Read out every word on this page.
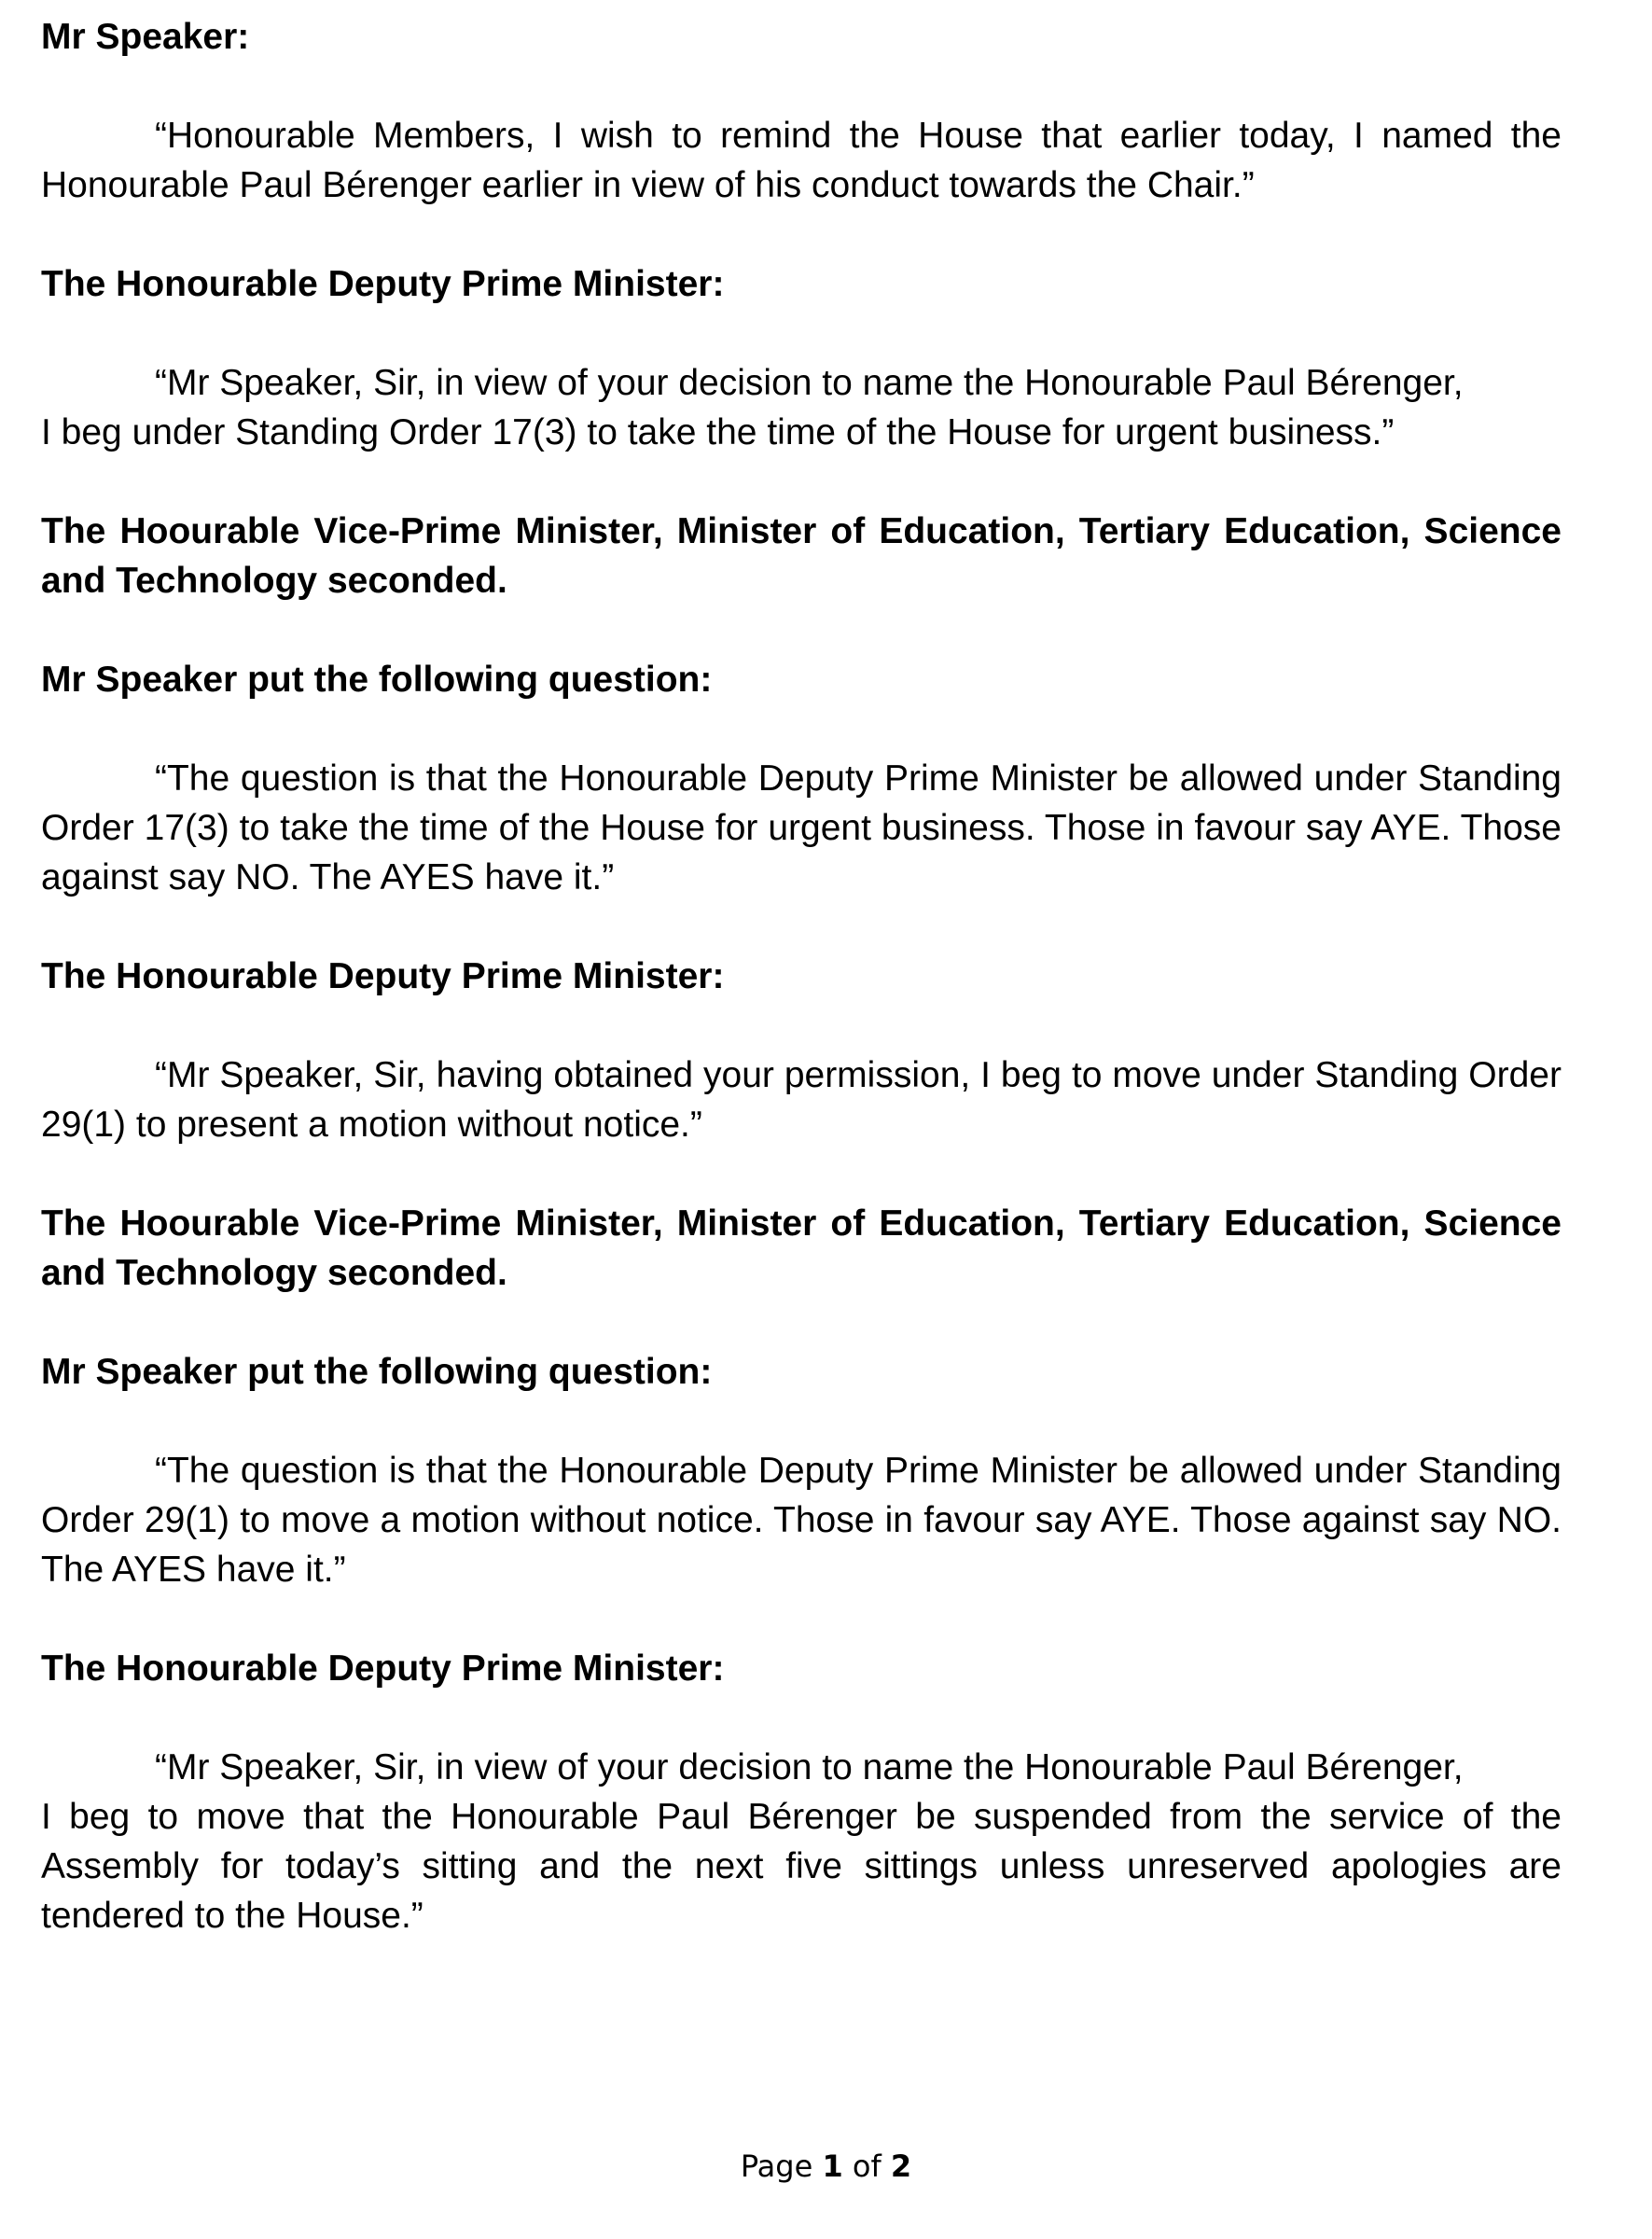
Mr Speaker:

“Honourable Members, I wish to remind the House that earlier today, I named the Honourable Paul Bérenger earlier in view of his conduct towards the Chair.”

The Honourable Deputy Prime Minister:

“Mr Speaker, Sir, in view of your decision to name the Honourable Paul Bérenger,

I beg under Standing Order 17(3) to take the time of the House for urgent business.”

The Hoourable Vice-Prime Minister, Minister of Education, Tertiary Education, Science and Technology seconded.

Mr Speaker put the following question:

“The question is that the Honourable Deputy Prime Minister be allowed under Standing Order 17(3) to take the time of the House for urgent business. Those in favour say AYE. Those against say NO. The AYES have it.”

The Honourable Deputy Prime Minister:

“Mr Speaker, Sir, having obtained your permission, I beg to move under Standing Order 29(1) to present a motion without notice.”

The Hoourable Vice-Prime Minister, Minister of Education, Tertiary Education, Science and Technology seconded.

Mr Speaker put the following question:

“The question is that the Honourable Deputy Prime Minister be allowed under Standing Order 29(1) to move a motion without notice. Those in favour say AYE. Those against say NO. The AYES have it.”

The Honourable Deputy Prime Minister:

“Mr Speaker, Sir, in view of your decision to name the Honourable Paul Bérenger,

I beg to move that the Honourable Paul Bérenger be suspended from the service of the Assembly for today’s sitting and the next five sittings unless unreserved apologies are tendered to the House.”

Page 1 of 2
